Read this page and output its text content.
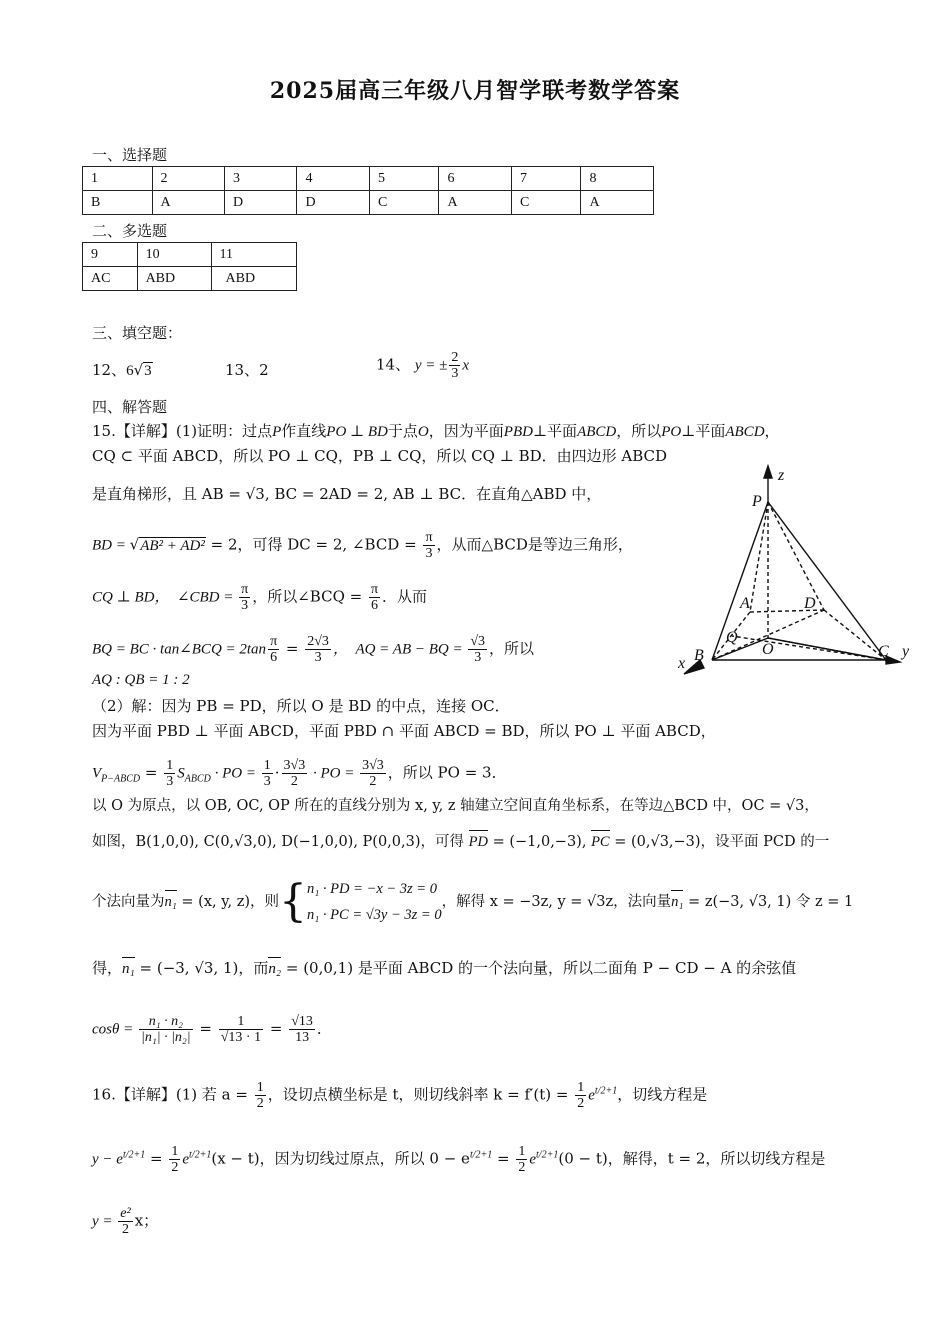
2025届高三年级八月智学联考数学答案
一、选择题
1	2	3	4	5	6	7	8
B	A	D	D	C	A	C	A
二、多选题
9	10	11
AC	ABD	ABD
三、填空题：
12、6√3	13、2	14、 y = ± $\frac{2}{3}$ x
四、解答题
15.【详解】(1)证明：过点P作直线PO ⊥ BD于点O，因为平面PBD⊥平面ABCD，所以PO⊥平面ABCD，
CQ ⊂ 平面 ABCD，所以 PO ⊥ CQ，PB ⊥ CQ，所以 CQ ⊥ BD．由四边形 ABCD
是直角梯形，且 AB = √3, BC = 2AD = 2, AB ⊥ BC．在直角△ABD 中，
BD = √AB² + AD² = 2，可得 DC = 2, ∠BCD = $\frac{\pi}{3}$ ，从而△BCD是等边三角形，
CQ ⊥ BD，　∠CBD = $\frac{\pi}{3}$ ，所以∠BCQ = $\frac{\pi}{6}$ ．从而
BQ = BC · tan∠BCQ = $2\tan \frac{\pi}{6} = \frac{2√3}{3}$ ，　AQ = AB − BQ = $\frac{√3}{3}$ ，所以
AQ : QB = 1 : 2
（2）解：因为 PB = PD，所以 O 是 BD 的中点，连接 OC．
因为平面 PBD ⊥ 平面 ABCD，平面 PBD ∩ 平面 ABCD = BD，所以 PO ⊥ 平面 ABCD，
$V_{P-ABCD} = \frac{1}{3} S_{ABCD}$ · PO = $\frac{1}{3} \cdot \frac{3√3}{2}$ · PO = $\frac{3√3}{2}$ ，所以 PO = 3．
以 O 为原点，以 OB, OC, OP 所在的直线分别为 x, y, z 轴建立空间直角坐标系，在等边△BCD 中，OC = √3，
如图，B(1,0,0), C(0,√3,0), D(−1,0,0), P(0,0,3)，可得 PD = (−1,0,−3), PC = (0,√3,−3)，设平面 PCD 的一
个法向量为n₁ = (x, y, z)，则{ n₁ · PD = −x − 3z = 0
n₁ · PC = √3y − 3z = 0
，解得 x = −3z, y = √3z，法向量n₁ = z(−3, √3, 1) 令 z = 1
得，n₁ = (−3, √3, 1)，而n₂ = (0,0,1) 是平面 ABCD 的一个法向量，所以二面角 P − CD − A 的余弦值
$\cos\theta = \frac{\text{n₁ · n₂}}{\text{|n₁| · |n₂|}} = \frac{1}{√13 \cdot 1} = \frac{√13}{13}$ ．
16.【详解】(1) 若 $a = \frac{1}{2}$ ，设切点横坐标是 t，则切线斜率 $k = f'(t) = \frac{1}{2} e^{t/2+1}$，切线方程是
$y - e^{t/2+1} = \frac{1}{2} e^{t/2+1}(x - t)$，因为切线过原点，所以 $0 - e^{t/2+1} = \frac{1}{2} e^{t/2+1}(0 - t)$，解得，t = 2，所以切线方程是
$y = \frac{\text{e²}}{2}$ x；
z
P
A	D
Q
O
B
x
C y
